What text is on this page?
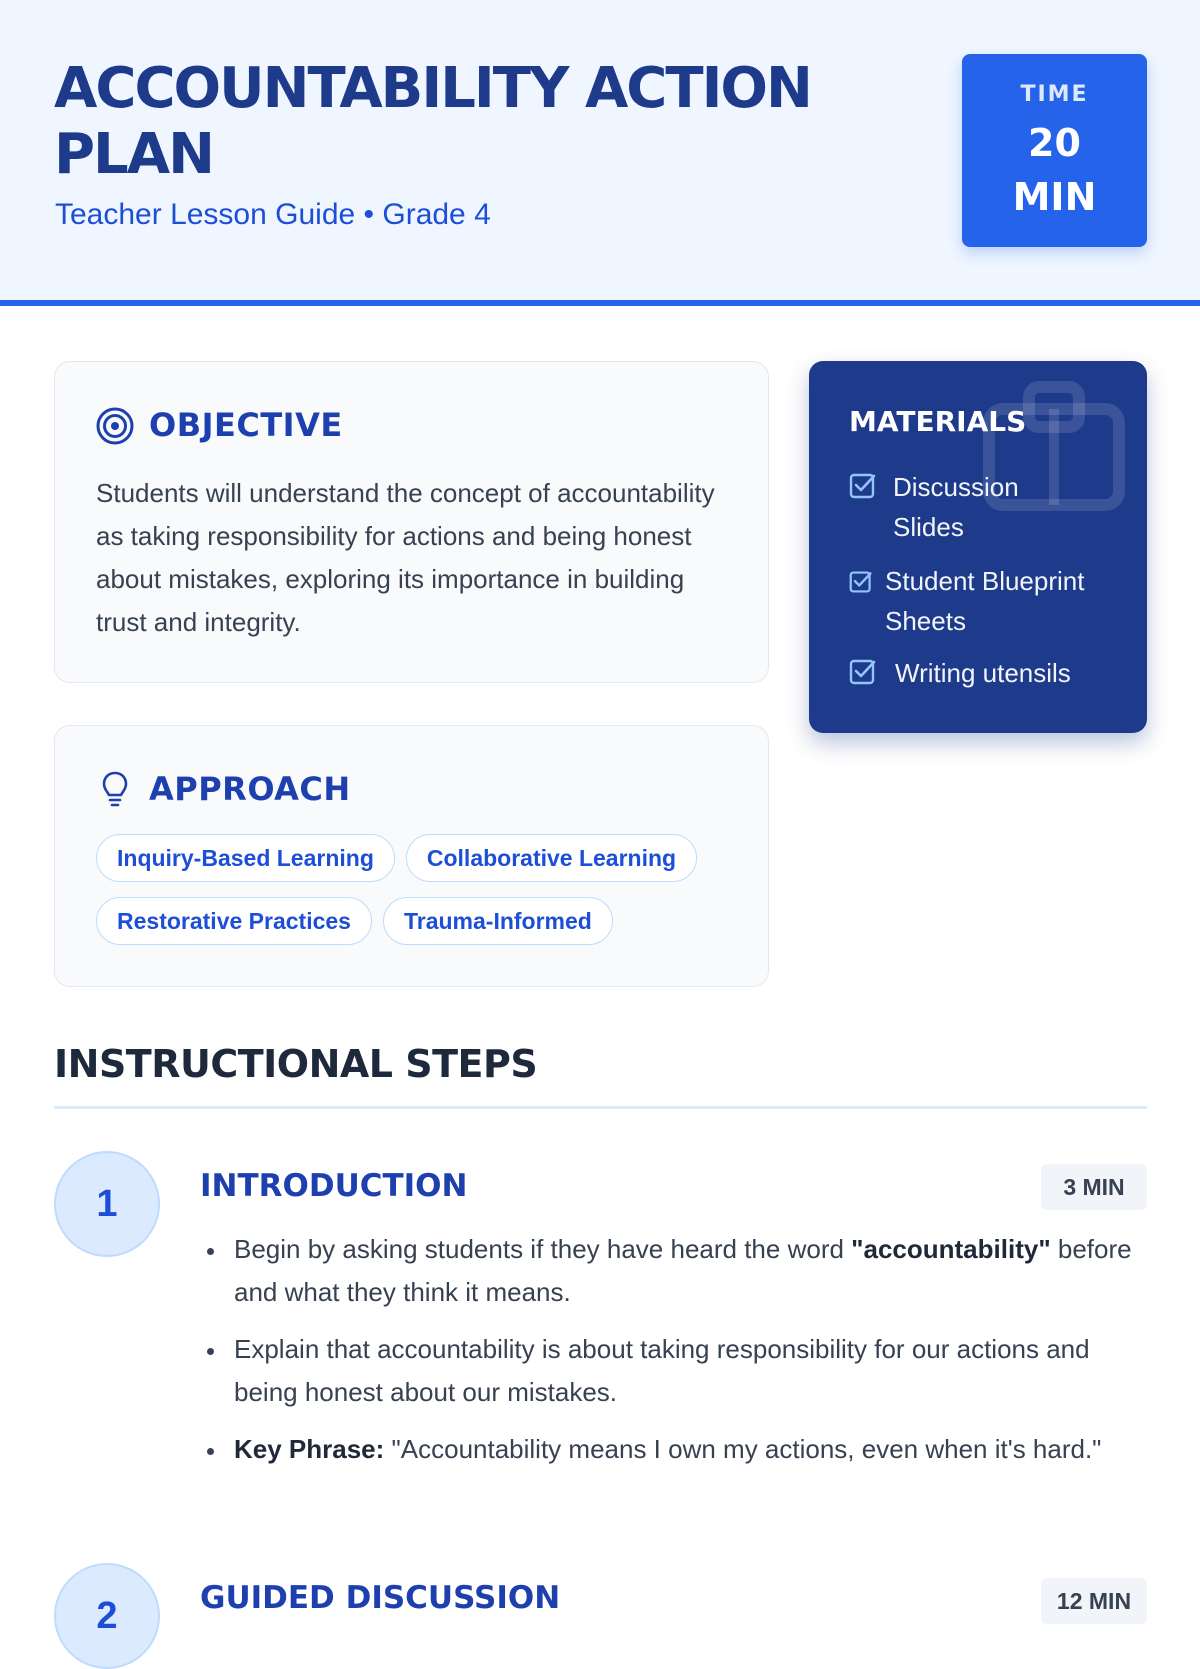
ACCOUNTABILITY ACTION PLAN
Teacher Lesson Guide • Grade 4
TIME
20 MIN
OBJECTIVE

Students will understand the concept of accountability as taking responsibility for actions and being honest about mistakes, exploring its importance in building trust and integrity.

APPROACH
Inquiry-Based Learning Collaborative Learning
Restorative Practices Trauma-Informed
MATERIALS
Discussion Slides
Student Blueprint Sheets
Writing utensils
INSTRUCTIONAL STEPS
1	INTRODUCTION	3 MIN
Begin by asking students if they have heard the word "accountability" before and what they think it means.
Explain that accountability is about taking responsibility for our actions and being honest about our mistakes.
Key Phrase: "Accountability means I own my actions, even when it's hard."
2	GUIDED DISCUSSION	12 MIN
